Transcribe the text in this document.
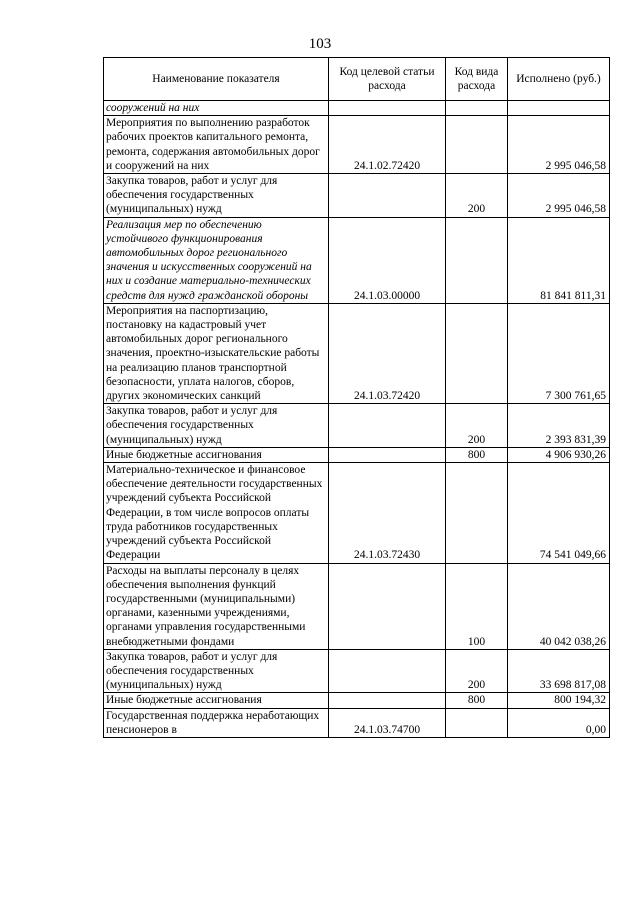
103
Наименование показателя	Код целевой статьи расхода	Код вида расхода	Исполнено (руб.)
сооружений на них			
Мероприятия по выполнению разработок рабочих проектов капитального ремонта, ремонта, содержания автомобильных дорог и сооружений на них	24.1.02.72420		2 995 046,58
Закупка товаров, работ и услуг для обеспечения государственных (муниципальных) нужд		200	2 995 046,58
Реализация мер по обеспечению устойчивого функционирования автомобильных дорог регионального значения и искусственных сооружений на них и создание материально-технических средств для нужд гражданской обороны	24.1.03.00000		81 841 811,31
Мероприятия на паспортизацию, постановку на кадастровый учет автомобильных дорог регионального значения, проектно-изыскательские работы на реализацию планов транспортной безопасности, уплата налогов, сборов, других экономических санкций	24.1.03.72420		7 300 761,65
Закупка товаров, работ и услуг для обеспечения государственных (муниципальных) нужд		200	2 393 831,39
Иные бюджетные ассигнования		800	4 906 930,26
Материально-техническое и финансовое обеспечение деятельности государственных учреждений субъекта Российской Федерации, в том числе вопросов оплаты труда работников государственных учреждений субъекта Российской Федерации	24.1.03.72430		74 541 049,66
Расходы на выплаты персоналу в целях обеспечения выполнения функций государственными (муниципальными) органами, казенными учреждениями, органами управления государственными внебюджетными фондами		100	40 042 038,26
Закупка товаров, работ и услуг для обеспечения государственных (муниципальных) нужд		200	33 698 817,08
Иные бюджетные ассигнования		800	800 194,32
Государственная поддержка неработающих пенсионеров в	24.1.03.74700		0,00
